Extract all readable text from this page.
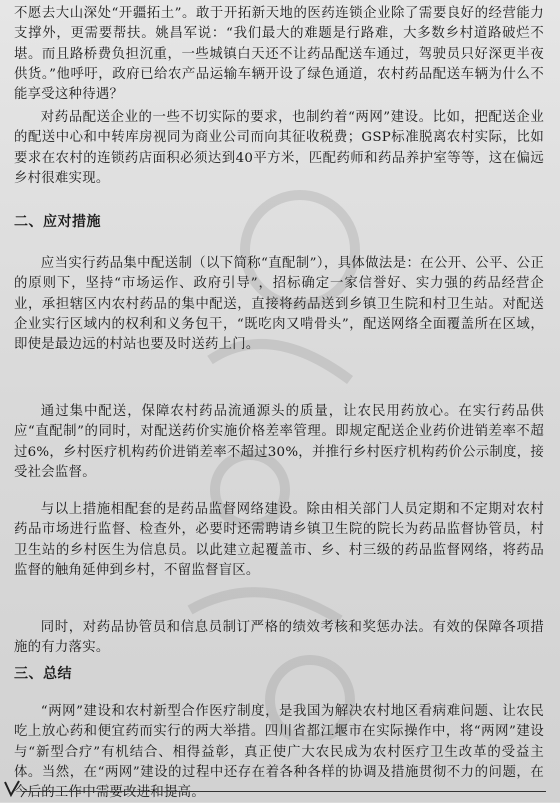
不愿去大山深处“开疆拓土”。敢于开拓新天地的医药连锁企业除了需要良好的经营能力支撑外，更需要帮扶。姚昌军说：“我们最大的难题是行路难，大多数乡村道路破烂不堪。而且路桥费负担沉重，一些城镇白天还不让药品配送车通过，驾驶员只好深更半夜供货。”他呼吁，政府已给农产品运输车辆开设了绿色通道，农村药品配送车辆为什么不能享受这种待遇？

对药品配送企业的一些不切实际的要求，也制约着“两网”建设。比如，把配送企业的配送中心和中转库房视同为商业公司而向其征收税费；GSP标准脱离农村实际，比如要求在农村的连锁药店面积必须达到40平方米，匹配药师和药品养护室等等，这在偏远乡村很难实现。

二、应对措施

应当实行药品集中配送制（以下简称“直配制”），具体做法是：在公开、公平、公正的原则下，坚持“市场运作、政府引导”，招标确定一家信誉好、实力强的药品经营企业，承担辖区内农村药品的集中配送，直接将药品送到乡镇卫生院和村卫生站。对配送企业实行区域内的权利和义务包干，“既吃肉又啃骨头”，配送网络全面覆盖所在区域，即使是最边远的村站也要及时送药上门。

通过集中配送，保障农村药品流通源头的质量，让农民用药放心。在实行药品供应“直配制”的同时，对配送药价实施价格差率管理。即规定配送企业药价进销差率不超过6%，乡村医疗机构药价进销差率不超过30%，并推行乡村医疗机构药价公示制度，接受社会监督。

与以上措施相配套的是药品监督网络建设。除由相关部门人员定期和不定期对农村药品市场进行监督、检查外，必要时还需聘请乡镇卫生院的院长为药品监督协管员，村卫生站的乡村医生为信息员。以此建立起覆盖市、乡、村三级的药品监督网络，将药品监督的触角延伸到乡村，不留监督盲区。

同时，对药品协管员和信息员制订严格的绩效考核和奖惩办法。有效的保障各项措施的有力落实。

三、总结

“两网”建设和农村新型合作医疗制度，是我国为解决农村地区看病难问题、让农民吃上放心药和便宜药而实行的两大举措。四川省都江堰市在实际操作中，将“两网”建设与“新型合疗”有机结合、相得益彰，真正使广大农民成为农村医疗卫生改革的受益主体。当然，在“两网”建设的过程中还存在着各种各样的协调及措施贯彻不力的问题，在今后的工作中需要改进和提高。
